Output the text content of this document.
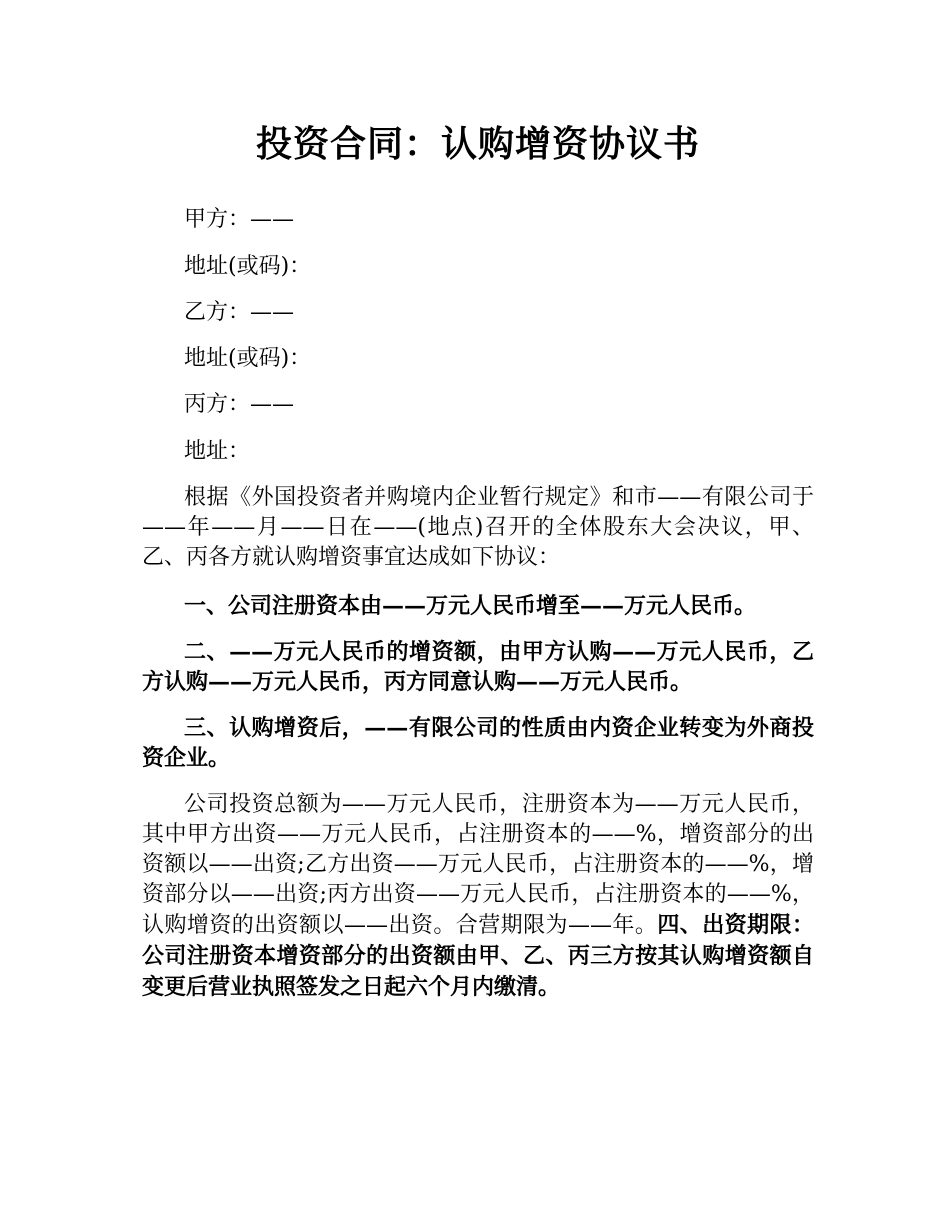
投资合同：认购增资协议书

甲方：——

地址(或码)：

乙方：——

地址(或码)：

丙方：——

地址：

根据《外国投资者并购境内企业暂行规定》和市——有限公司于——年——月——日在——(地点)召开的全体股东大会决议，甲、乙、丙各方就认购增资事宜达成如下协议：

一、公司注册资本由——万元人民币增至——万元人民币。

二、——万元人民币的增资额，由甲方认购——万元人民币，乙方认购——万元人民币，丙方同意认购——万元人民币。

三、认购增资后，——有限公司的性质由内资企业转变为外商投资企业。

公司投资总额为——万元人民币，注册资本为——万元人民币，其中甲方出资——万元人民币，占注册资本的——%，增资部分的出资额以——出资;乙方出资——万元人民币，占注册资本的——%，增资部分以——出资;丙方出资——万元人民币，占注册资本的——%，认购增资的出资额以——出资。合营期限为——年。四、出资期限：公司注册资本增资部分的出资额由甲、乙、丙三方按其认购增资额自变更后营业执照签发之日起六个月内缴清。
